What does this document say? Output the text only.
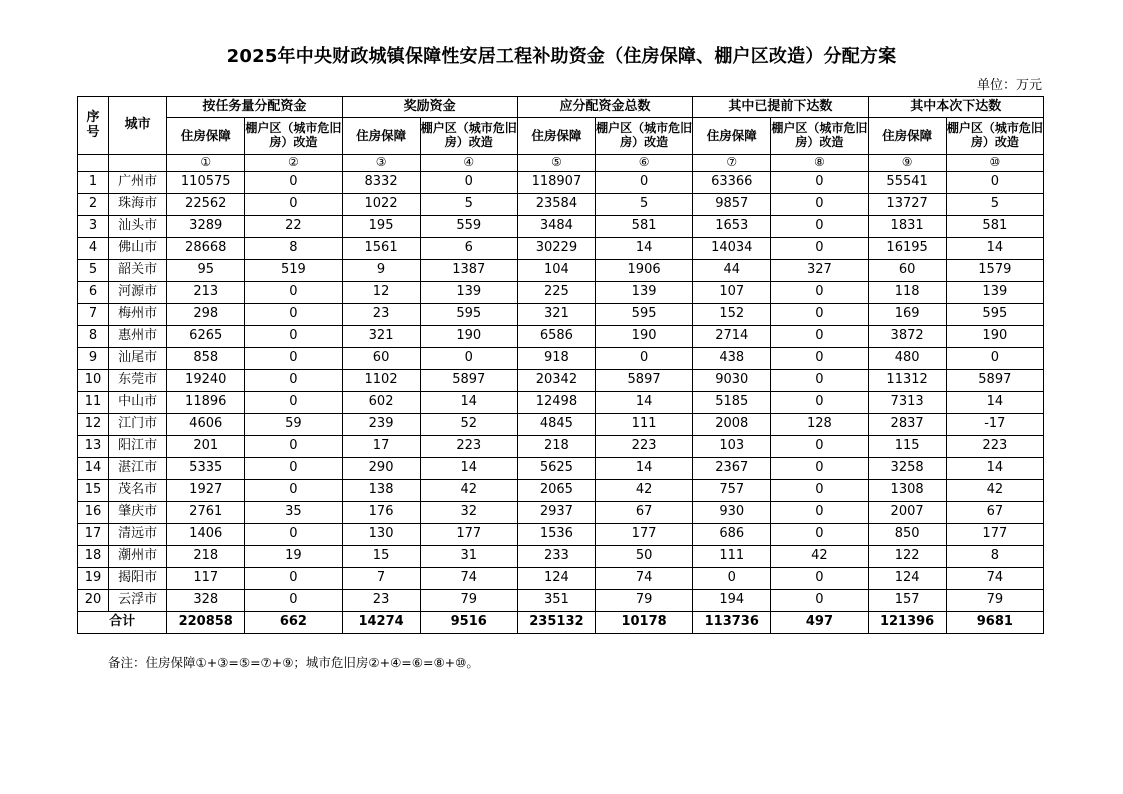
2025年中央财政城镇保障性安居工程补助资金（住房保障、棚户区改造）分配方案
单位：万元
序号	城市	按任务量分配资金		奖励资金		应分配资金总数		其中已提前下达数		其中本次下达数	
		住房保障	棚户区（城市危旧房）改造	住房保障	棚户区（城市危旧房）改造	住房保障	棚户区（城市危旧房）改造	住房保障	棚户区（城市危旧房）改造	住房保障	棚户区（城市危旧房）改造
		①	②	③	④	⑤	⑥	⑦	⑧	⑨	⑩
1	广州市	110575	0	8332	0	118907	0	63366	0	55541	0
2	珠海市	22562	0	1022	5	23584	5	9857	0	13727	5
3	汕头市	3289	22	195	559	3484	581	1653	0	1831	581
4	佛山市	28668	8	1561	6	30229	14	14034	0	16195	14
5	韶关市	95	519	9	1387	104	1906	44	327	60	1579
6	河源市	213	0	12	139	225	139	107	0	118	139
7	梅州市	298	0	23	595	321	595	152	0	169	595
8	惠州市	6265	0	321	190	6586	190	2714	0	3872	190
9	汕尾市	858	0	60	0	918	0	438	0	480	0
10	东莞市	19240	0	1102	5897	20342	5897	9030	0	11312	5897
11	中山市	11896	0	602	14	12498	14	5185	0	7313	14
12	江门市	4606	59	239	52	4845	111	2008	128	2837	-17
13	阳江市	201	0	17	223	218	223	103	0	115	223
14	湛江市	5335	0	290	14	5625	14	2367	0	3258	14
15	茂名市	1927	0	138	42	2065	42	757	0	1308	42
16	肇庆市	2761	35	176	32	2937	67	930	0	2007	67
17	清远市	1406	0	130	177	1536	177	686	0	850	177
18	潮州市	218	19	15	31	233	50	111	42	122	8
19	揭阳市	117	0	7	74	124	74	0	0	124	74
20	云浮市	328	0	23	79	351	79	194	0	157	79
合计		220858	662	14274	9516	235132	10178	113736	497	121396	9681
备注：住房保障①+③=⑤=⑦+⑨；城市危旧房②+④=⑥=⑧+⑩。
